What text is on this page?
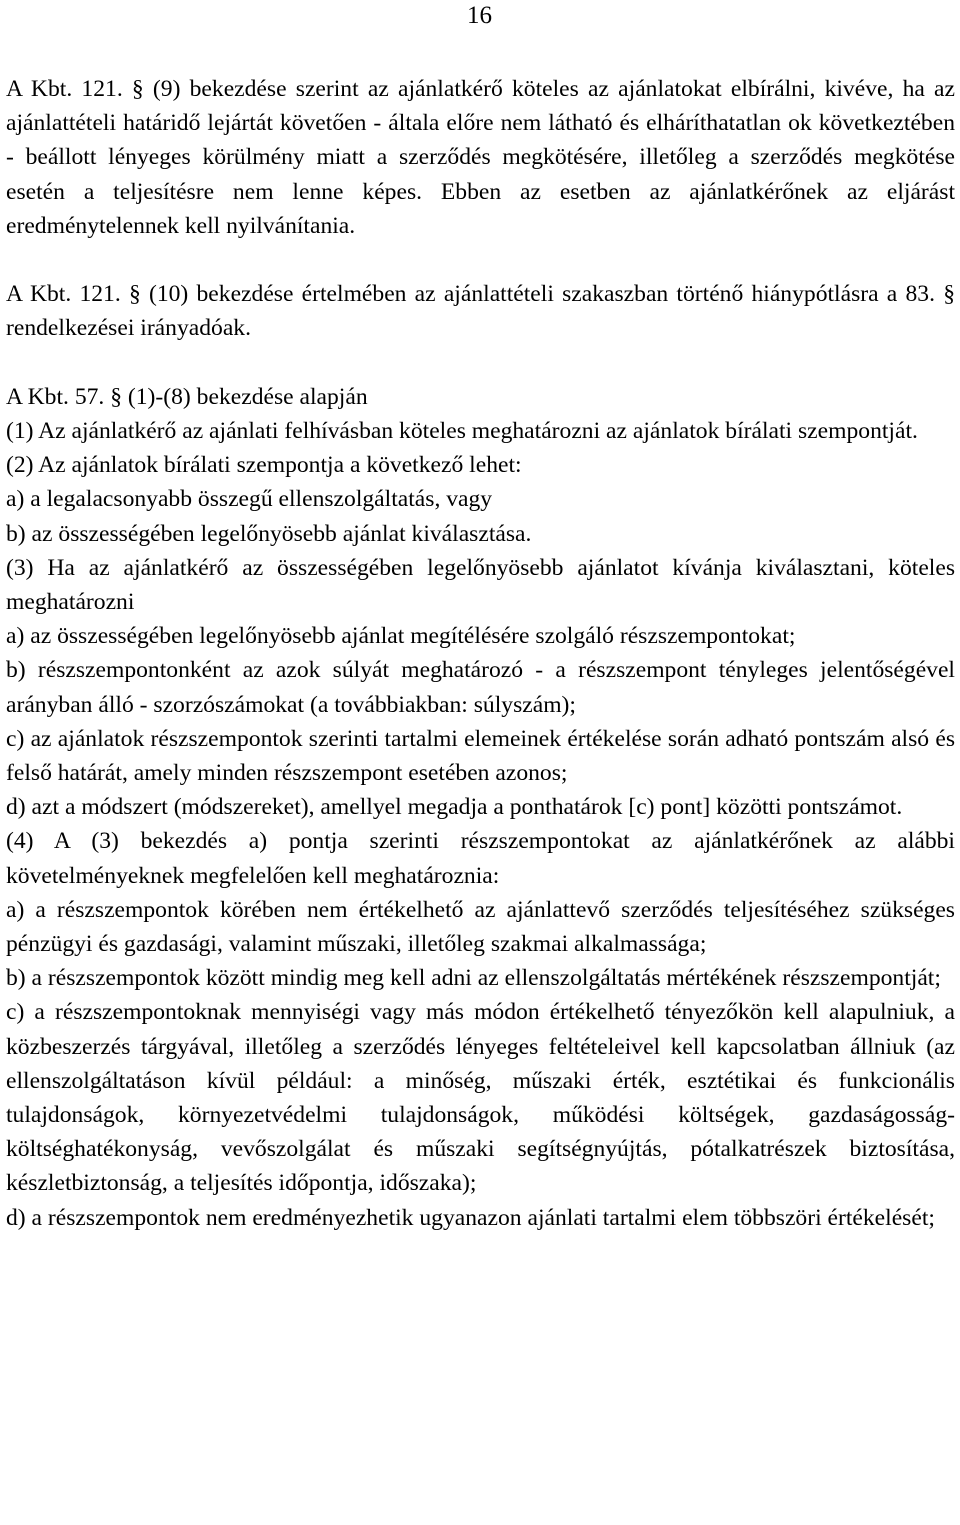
16

A Kbt. 121. § (9) bekezdése szerint az ajánlatkérő köteles az ajánlatokat elbírálni, kivéve, ha az ajánlattételi határidő lejártát követően - általa előre nem látható és elháríthatatlan ok következtében - beállott lényeges körülmény miatt a szerződés megkötésére, illetőleg a szerződés megkötése esetén a teljesítésre nem lenne képes. Ebben az esetben az ajánlatkérőnek az eljárást eredménytelennek kell nyilvánítania.

A Kbt. 121. § (10) bekezdése értelmében az ajánlattételi szakaszban történő hiánypótlásra a 83. § rendelkezései irányadóak.

A Kbt. 57. § (1)-(8) bekezdése alapján

(1) Az ajánlatkérő az ajánlati felhívásban köteles meghatározni az ajánlatok bírálati szempontját.

(2) Az ajánlatok bírálati szempontja a következő lehet:

a) a legalacsonyabb összegű ellenszolgáltatás, vagy

b) az összességében legelőnyösebb ajánlat kiválasztása.

(3) Ha az ajánlatkérő az összességében legelőnyösebb ajánlatot kívánja kiválasztani, köteles meghatározni

a) az összességében legelőnyösebb ajánlat megítélésére szolgáló részszempontokat;

b) részszempontonként az azok súlyát meghatározó - a részszempont tényleges jelentőségével arányban álló - szorzószámokat (a továbbiakban: súlyszám);

c) az ajánlatok részszempontok szerinti tartalmi elemeinek értékelése során adható pontszám alsó és felső határát, amely minden részszempont esetében azonos;

d) azt a módszert (módszereket), amellyel megadja a ponthatárok [c) pont] közötti pontszámot.

(4) A (3) bekezdés a) pontja szerinti részszempontokat az ajánlatkérőnek az alábbi követelményeknek megfelelően kell meghatároznia:

a) a részszempontok körében nem értékelhető az ajánlattevő szerződés teljesítéséhez szükséges pénzügyi és gazdasági, valamint műszaki, illetőleg szakmai alkalmassága;

b) a részszempontok között mindig meg kell adni az ellenszolgáltatás mértékének részszempontját;

c) a részszempontoknak mennyiségi vagy más módon értékelhető tényezőkön kell alapulniuk, a közbeszerzés tárgyával, illetőleg a szerződés lényeges feltételeivel kell kapcsolatban állniuk (az ellenszolgáltatáson kívül például: a minőség, műszaki érték, esztétikai és funkcionális tulajdonságok, környezetvédelmi tulajdonságok, működési költségek, gazdaságosság-költséghatékonyság, vevőszolgálat és műszaki segítségnyújtás, pótalkatrészek biztosítása, készletbiztonság, a teljesítés időpontja, időszaka);

d) a részszempontok nem eredményezhetik ugyanazon ajánlati tartalmi elem többszöri értékelését;
